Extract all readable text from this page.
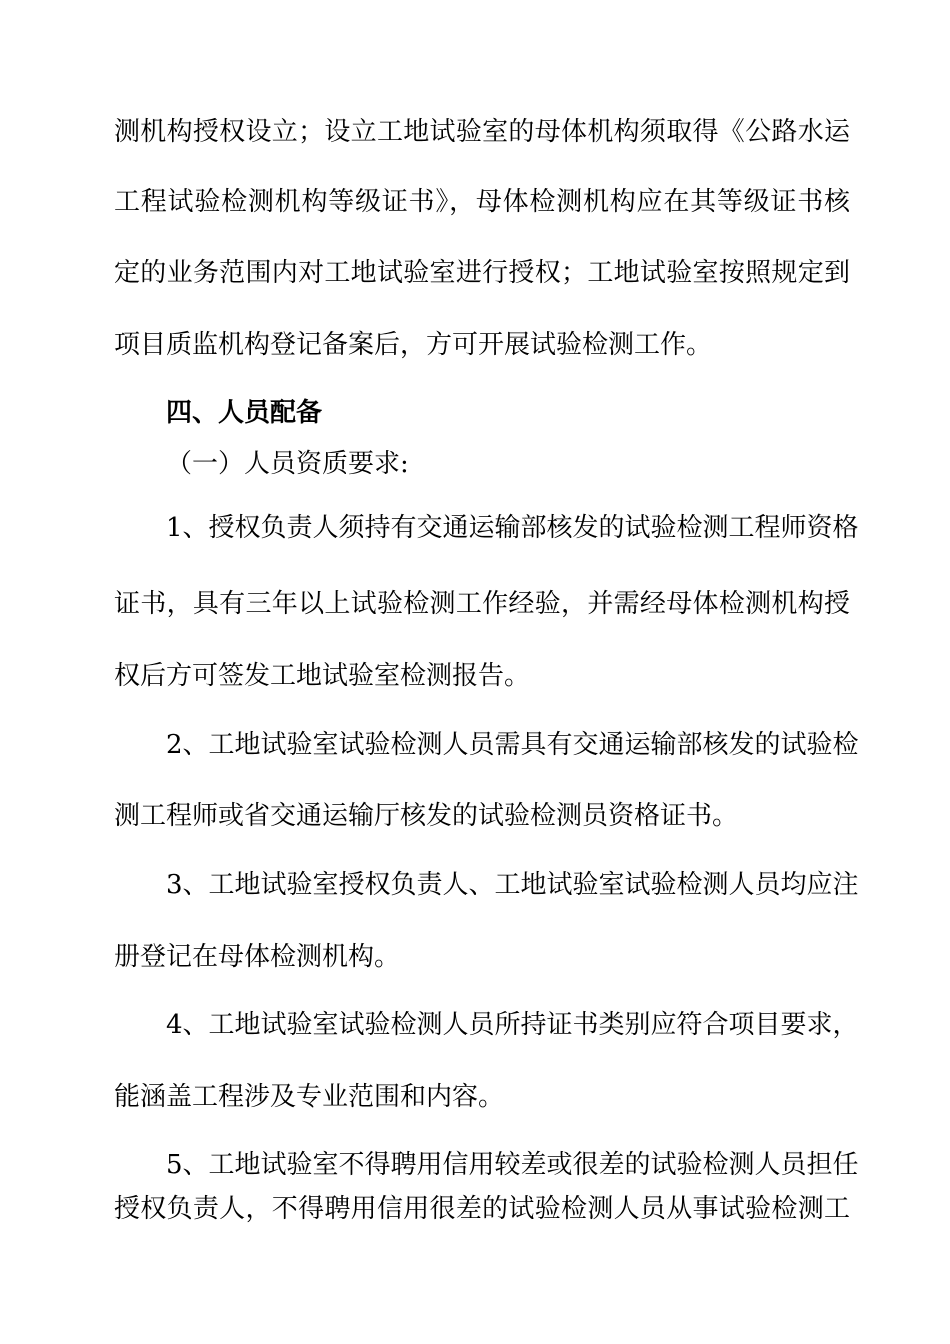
测机构授权设立；设立工地试验室的母体机构须取得《公路水运
工程试验检测机构等级证书》，母体检测机构应在其等级证书核
定的业务范围内对工地试验室进行授权；工地试验室按照规定到
项目质监机构登记备案后，方可开展试验检测工作。
四、人员配备
（一）人员资质要求:
1、授权负责人须持有交通运输部核发的试验检测工程师资格
证书，具有三年以上试验检测工作经验，并需经母体检测机构授
权后方可签发工地试验室检测报告。
2、工地试验室试验检测人员需具有交通运输部核发的试验检
测工程师或省交通运输厅核发的试验检测员资格证书。
3、工地试验室授权负责人、工地试验室试验检测人员均应注
册登记在母体检测机构。
4、工地试验室试验检测人员所持证书类别应符合项目要求，
能涵盖工程涉及专业范围和内容。
5、工地试验室不得聘用信用较差或很差的试验检测人员担任
授权负责人，不得聘用信用很差的试验检测人员从事试验检测工
